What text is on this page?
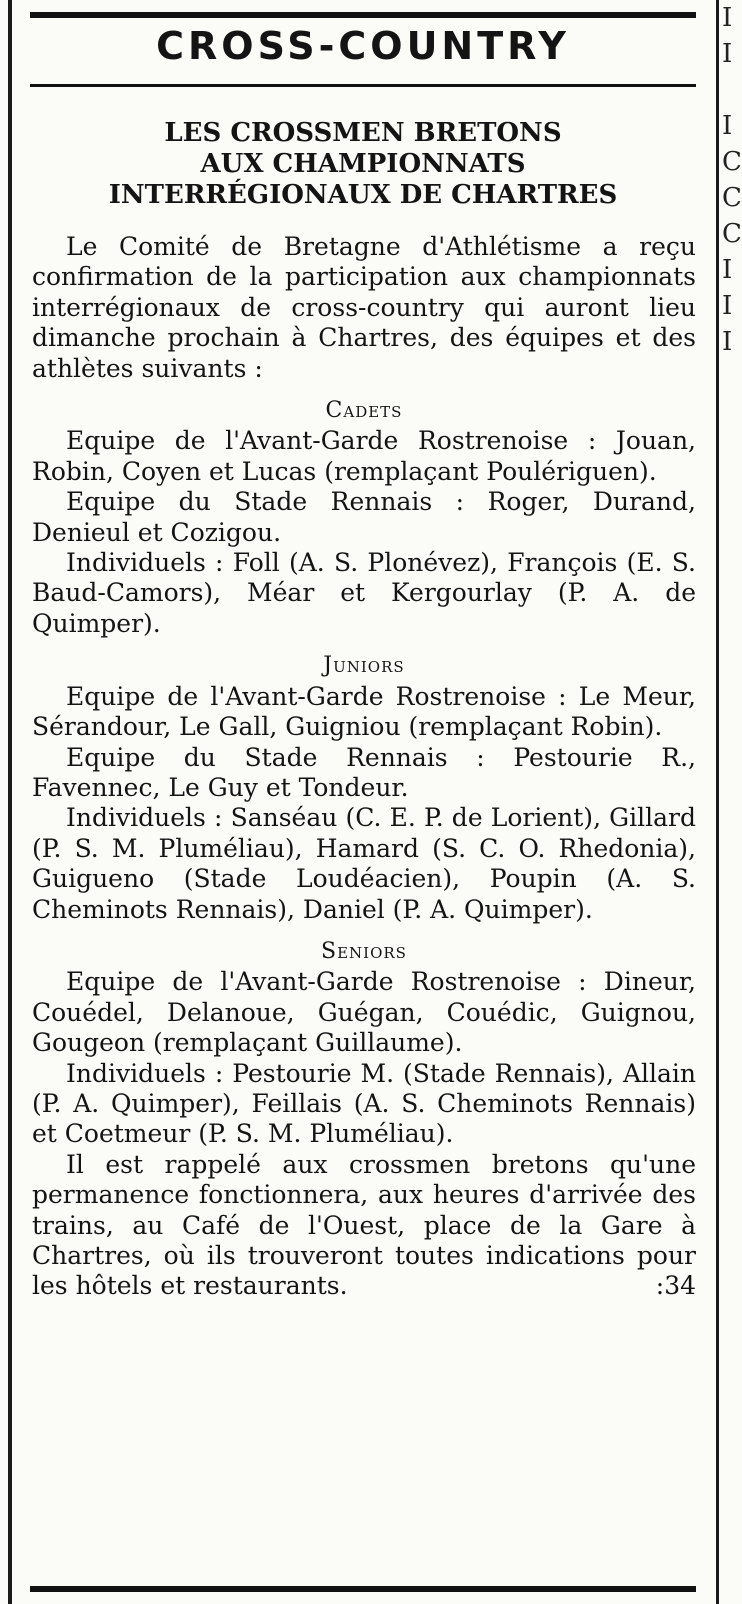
I
I

I
C
C
C
I
I
I
CROSS-COUNTRY
LES CROSSMEN BRETONS
AUX CHAMPIONNATS
INTERRÉGIONAUX DE CHARTRES

Le Comité de Bretagne d'Athlétisme a reçu confirmation de la participation aux championnats interrégionaux de cross-country qui auront lieu dimanche prochain à Chartres, des équipes et des athlètes suivants :

Cadets

Equipe de l'Avant-Garde Rostrenoise : Jouan, Robin, Coyen et Lucas (remplaçant Poulériguen).

Equipe du Stade Rennais : Roger, Durand, Denieul et Cozigou.

Individuels : Foll (A. S. Plonévez), François (E. S. Baud-Camors), Méar et Kergourlay (P. A. de Quimper).

Juniors

Equipe de l'Avant-Garde Rostrenoise : Le Meur, Sérandour, Le Gall, Guigniou (remplaçant Robin).

Equipe du Stade Rennais : Pestourie R., Favennec, Le Guy et Tondeur.

Individuels : Sanséau (C. E. P. de Lorient), Gillard (P. S. M. Pluméliau), Hamard (S. C. O. Rhedonia), Guigueno (Stade Loudéacien), Poupin (A. S. Cheminots Rennais), Daniel (P. A. Quimper).

Seniors

Equipe de l'Avant-Garde Rostrenoise : Dineur, Couédel, Delanoue, Guégan, Couédic, Guignou, Gougeon (remplaçant Guillaume).

Individuels : Pestourie M. (Stade Rennais), Allain (P. A. Quimper), Feillais (A. S. Cheminots Rennais) et Coetmeur (P. S. M. Pluméliau).

Il est rappelé aux crossmen bretons qu'une permanence fonctionnera, aux heures d'arrivée des trains, au Café de l'Ouest, place de la Gare à Chartres, où ils trouveront toutes indications pour les hôtels et restaurants.	:34
